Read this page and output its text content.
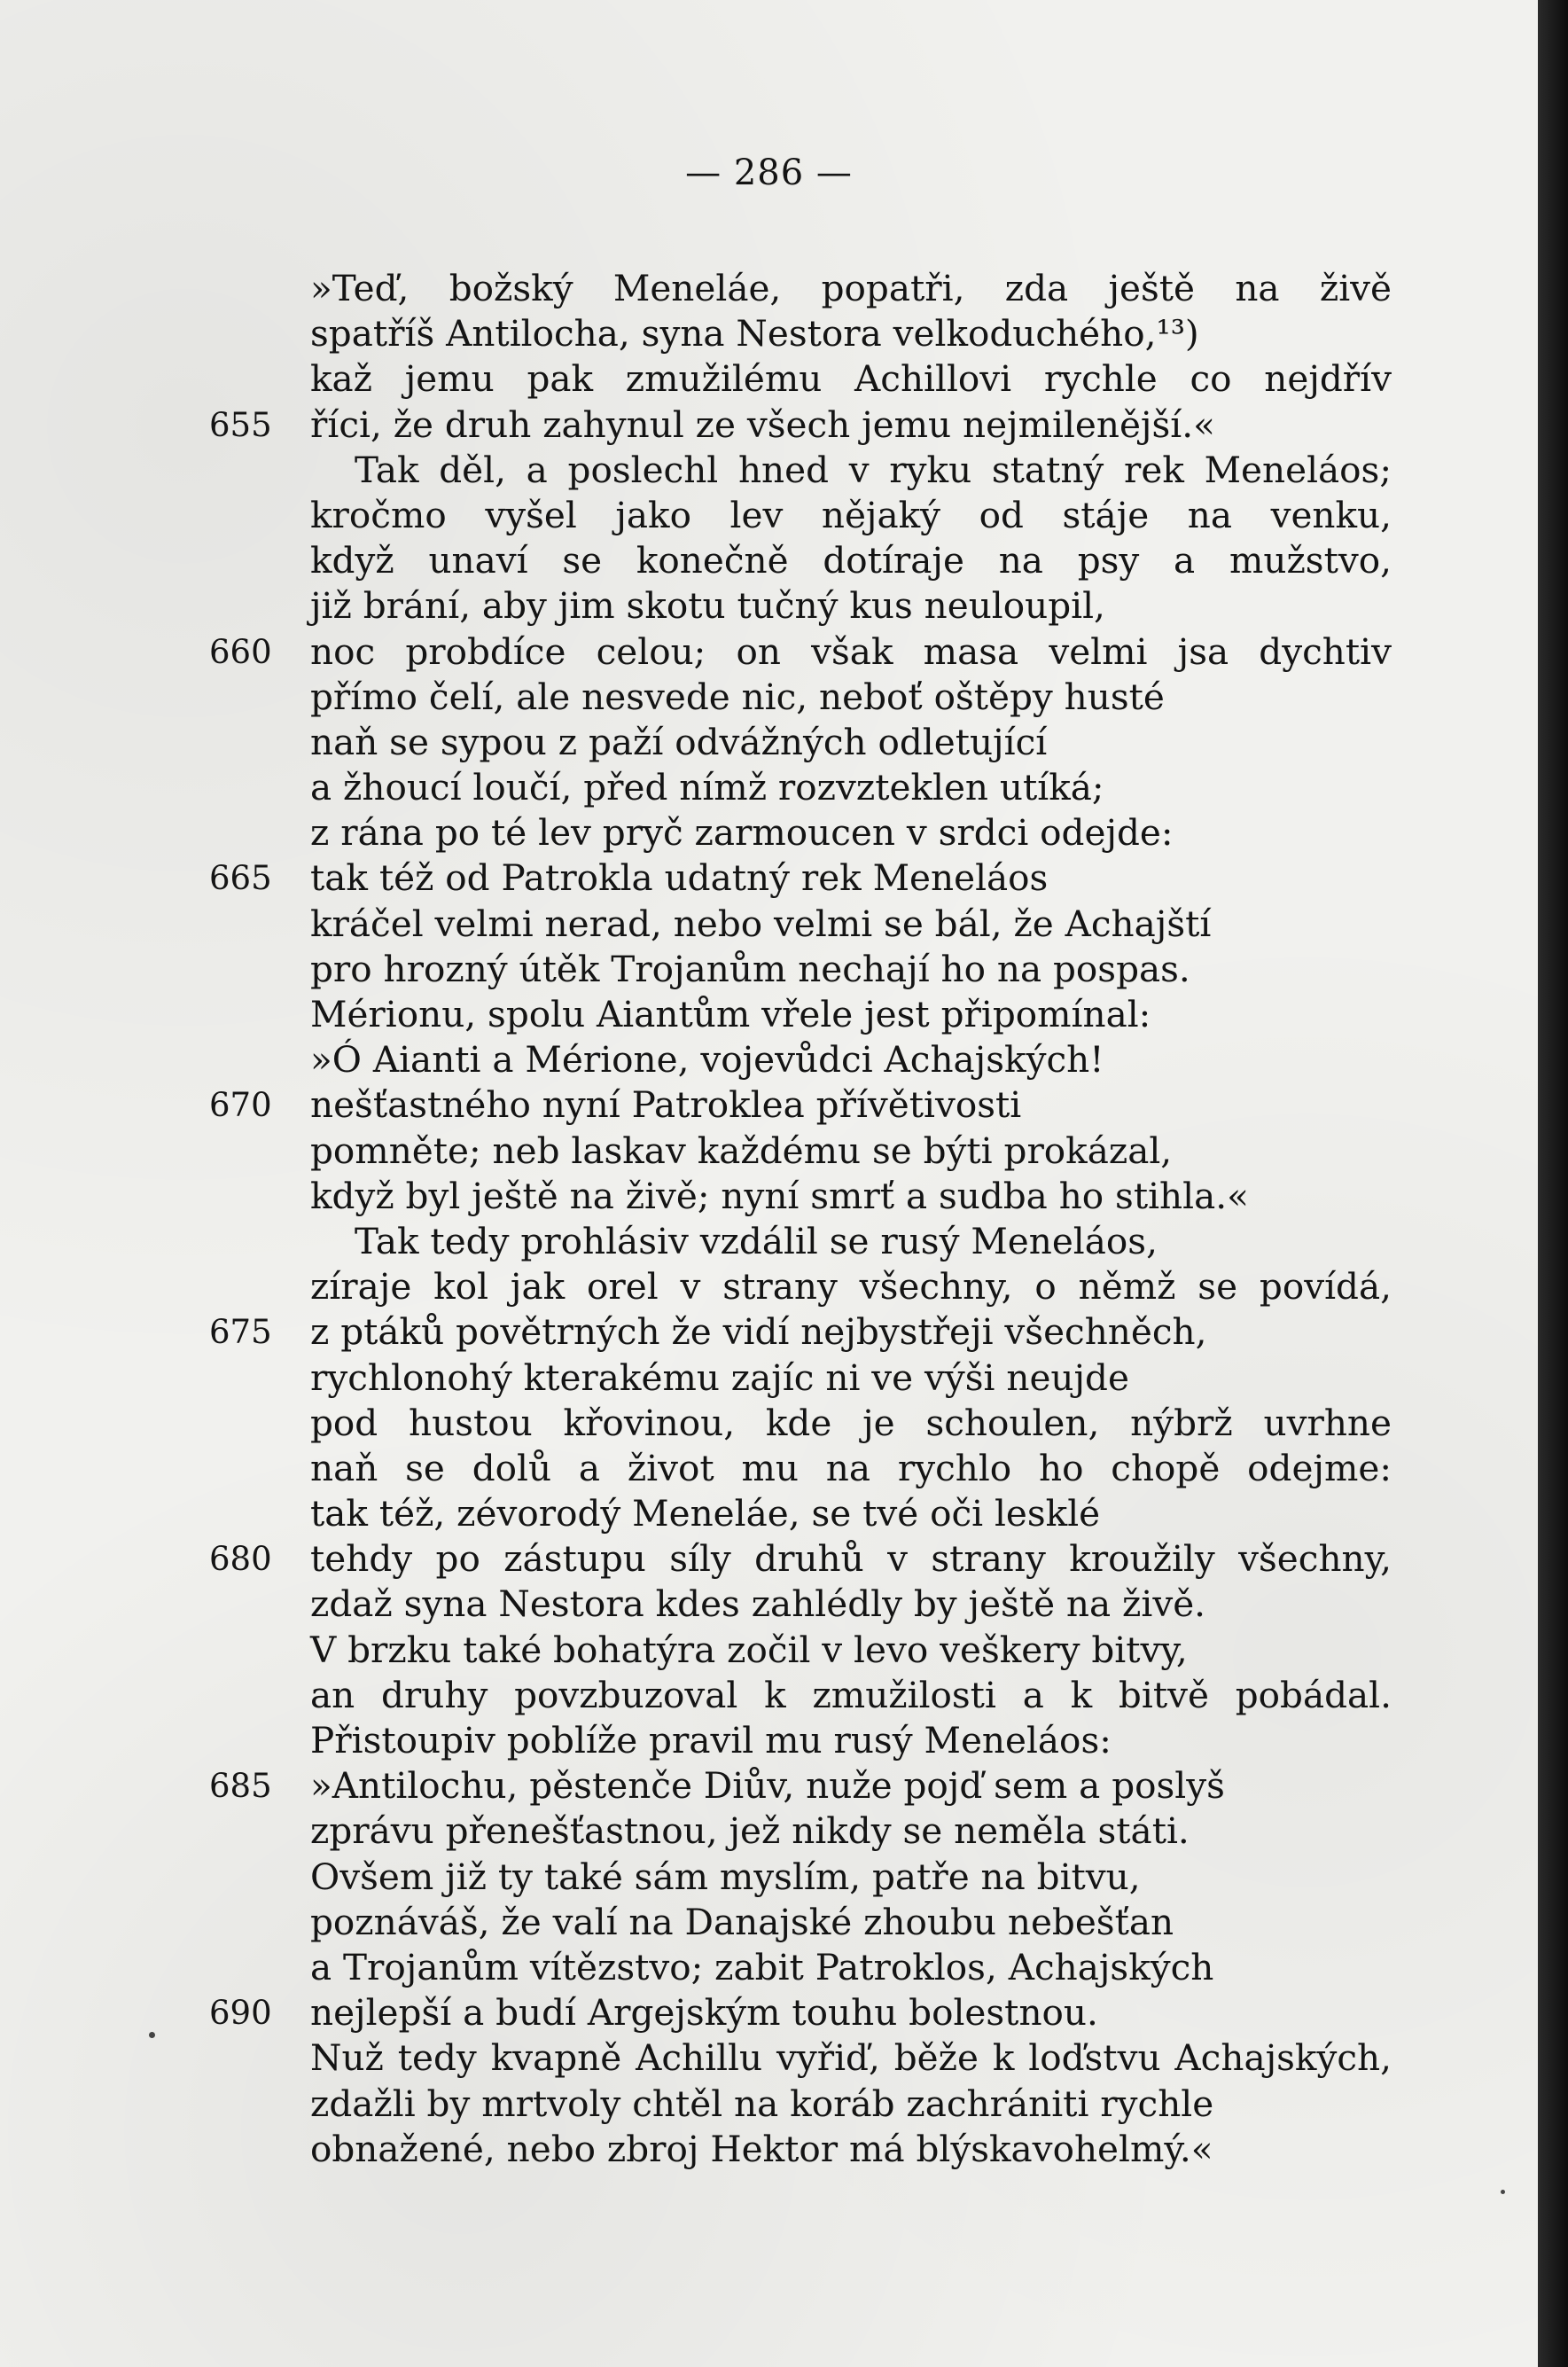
— 286 —
»Teď, božský Meneláe, popatři, zda ještě na živě
spatříš Antilocha, syna Nestora velkoduchého,¹³)
kaž jemu pak zmužilému Achillovi rychle co nejdřív
655	říci, že druh zahynul ze všech jemu nejmilenější.«
Tak děl, a poslechl hned v ryku statný rek Meneláos;
kročmo vyšel jako lev nějaký od stáje na venku,
když unaví se konečně dotíraje na psy a mužstvo,
již brání, aby jim skotu tučný kus neuloupil,
660	noc probdíce celou; on však masa velmi jsa dychtiv
přímo čelí, ale nesvede nic, neboť oštěpy husté
naň se sypou z paží odvážných odletující
a žhoucí loučí, před nímž rozvzteklen utíká;
z rána po té lev pryč zarmoucen v srdci odejde:
665	tak též od Patrokla udatný rek Meneláos
kráčel velmi nerad, nebo velmi se bál, že Achajští
pro hrozný útěk Trojanům nechají ho na pospas.
Mérionu, spolu Aiantům vřele jest připomínal:
»Ó Aianti a Mérione, vojevůdci Achajských!
670	nešťastného nyní Patroklea přívětivosti
pomněte; neb laskav každému se býti prokázal,
když byl ještě na živě; nyní smrť a sudba ho stihla.«
Tak tedy prohlásiv vzdálil se rusý Meneláos,
zíraje kol jak orel v strany všechny, o němž se povídá,
675	z ptáků povětrných že vidí nejbystřeji všechněch,
rychlonohý kterakému zajíc ni ve výši neujde
pod hustou křovinou, kde je schoulen, nýbrž uvrhne
naň se dolů a život mu na rychlo ho chopě odejme:
tak též, zévorodý Meneláe, se tvé oči lesklé
680	tehdy po zástupu síly druhů v strany kroužily všechny,
zdaž syna Nestora kdes zahlédly by ještě na živě.
V brzku také bohatýra zočil v levo veškery bitvy,
an druhy povzbuzoval k zmužilosti a k bitvě pobádal.
Přistoupiv poblíže pravil mu rusý Meneláos:
685	»Antilochu, pěstenče Diův, nuže pojď sem a poslyš
zprávu přenešťastnou, jež nikdy se neměla státi.
Ovšem již ty také sám myslím, patře na bitvu,
poznáváš, že valí na Danajské zhoubu nebešťan
a Trojanům vítězstvo; zabit Patroklos, Achajských
690	nejlepší a budí Argejským touhu bolestnou.
Nuž tedy kvapně Achillu vyřiď, běže k loďstvu Achajských,
zdažli by mrtvoly chtěl na koráb zachrániti rychle
obnažené, nebo zbroj Hektor má blýskavohelmý.«
